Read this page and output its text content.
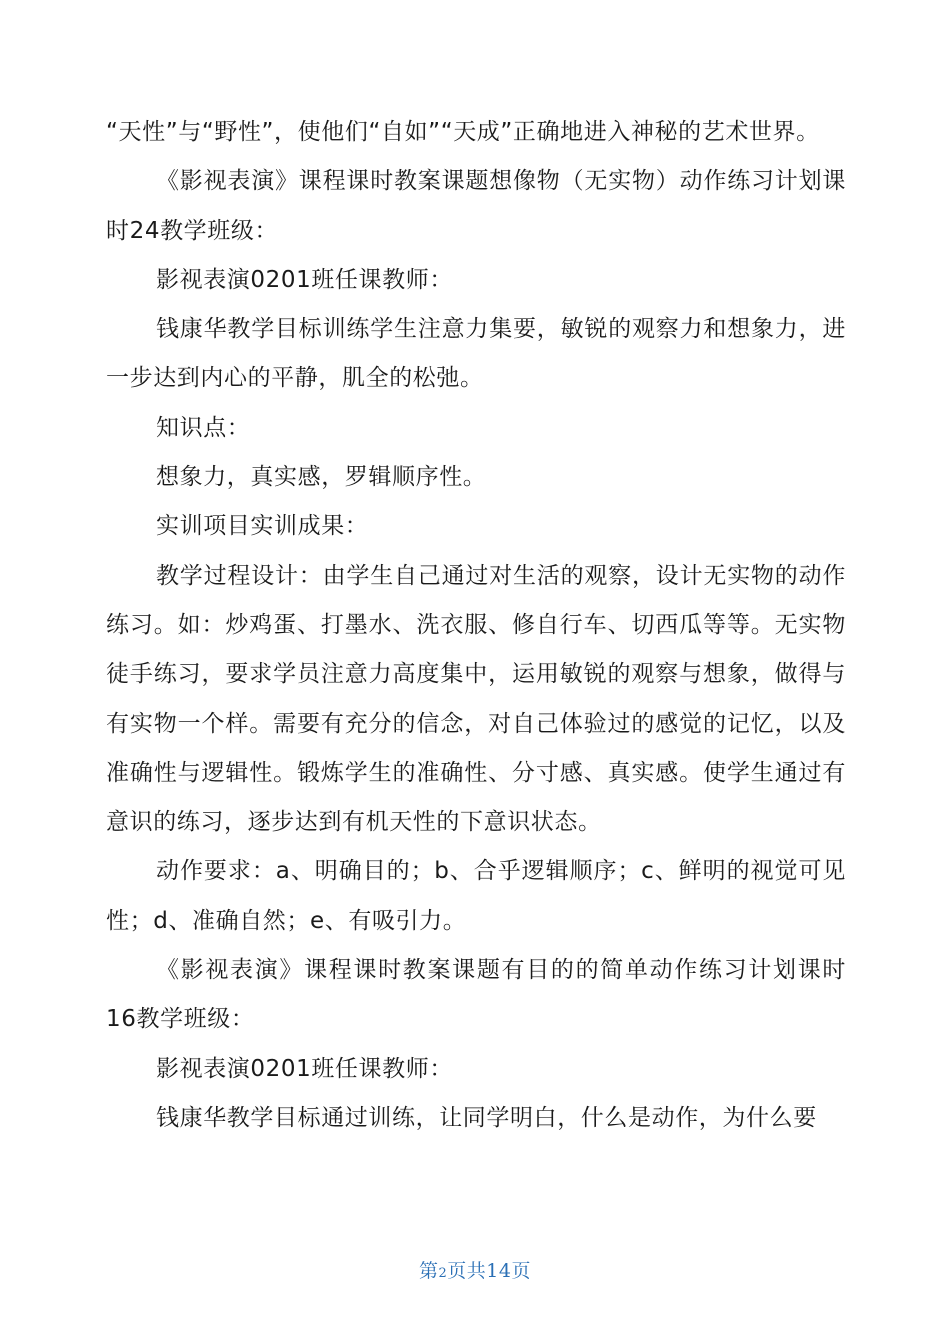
“天性”与“野性”，使他们“自如”“天成”正确地进入神秘的艺术世界。

《影视表演》课程课时教案课题想像物（无实物）动作练习计划课时24教学班级：

影视表演0201班任课教师：

钱康华教学目标训练学生注意力集要，敏锐的观察力和想象力，进一步达到内心的平静，肌全的松弛。

知识点：

想象力，真实感，罗辑顺序性。

实训项目实训成果：

教学过程设计：由学生自己通过对生活的观察，设计无实物的动作练习。如：炒鸡蛋、打墨水、洗衣服、修自行车、切西瓜等等。无实物徒手练习，要求学员注意力高度集中，运用敏锐的观察与想象，做得与有实物一个样。需要有充分的信念，对自己体验过的感觉的记忆，以及准确性与逻辑性。锻炼学生的准确性、分寸感、真实感。使学生通过有意识的练习，逐步达到有机天性的下意识状态。

动作要求：a、明确目的；b、合乎逻辑顺序；c、鲜明的视觉可见性；d、准确自然；e、有吸引力。

《影视表演》课程课时教案课题有目的的简单动作练习计划课时16教学班级：

影视表演0201班任课教师：

钱康华教学目标通过训练，让同学明白，什么是动作，为什么要

第2页共14页
